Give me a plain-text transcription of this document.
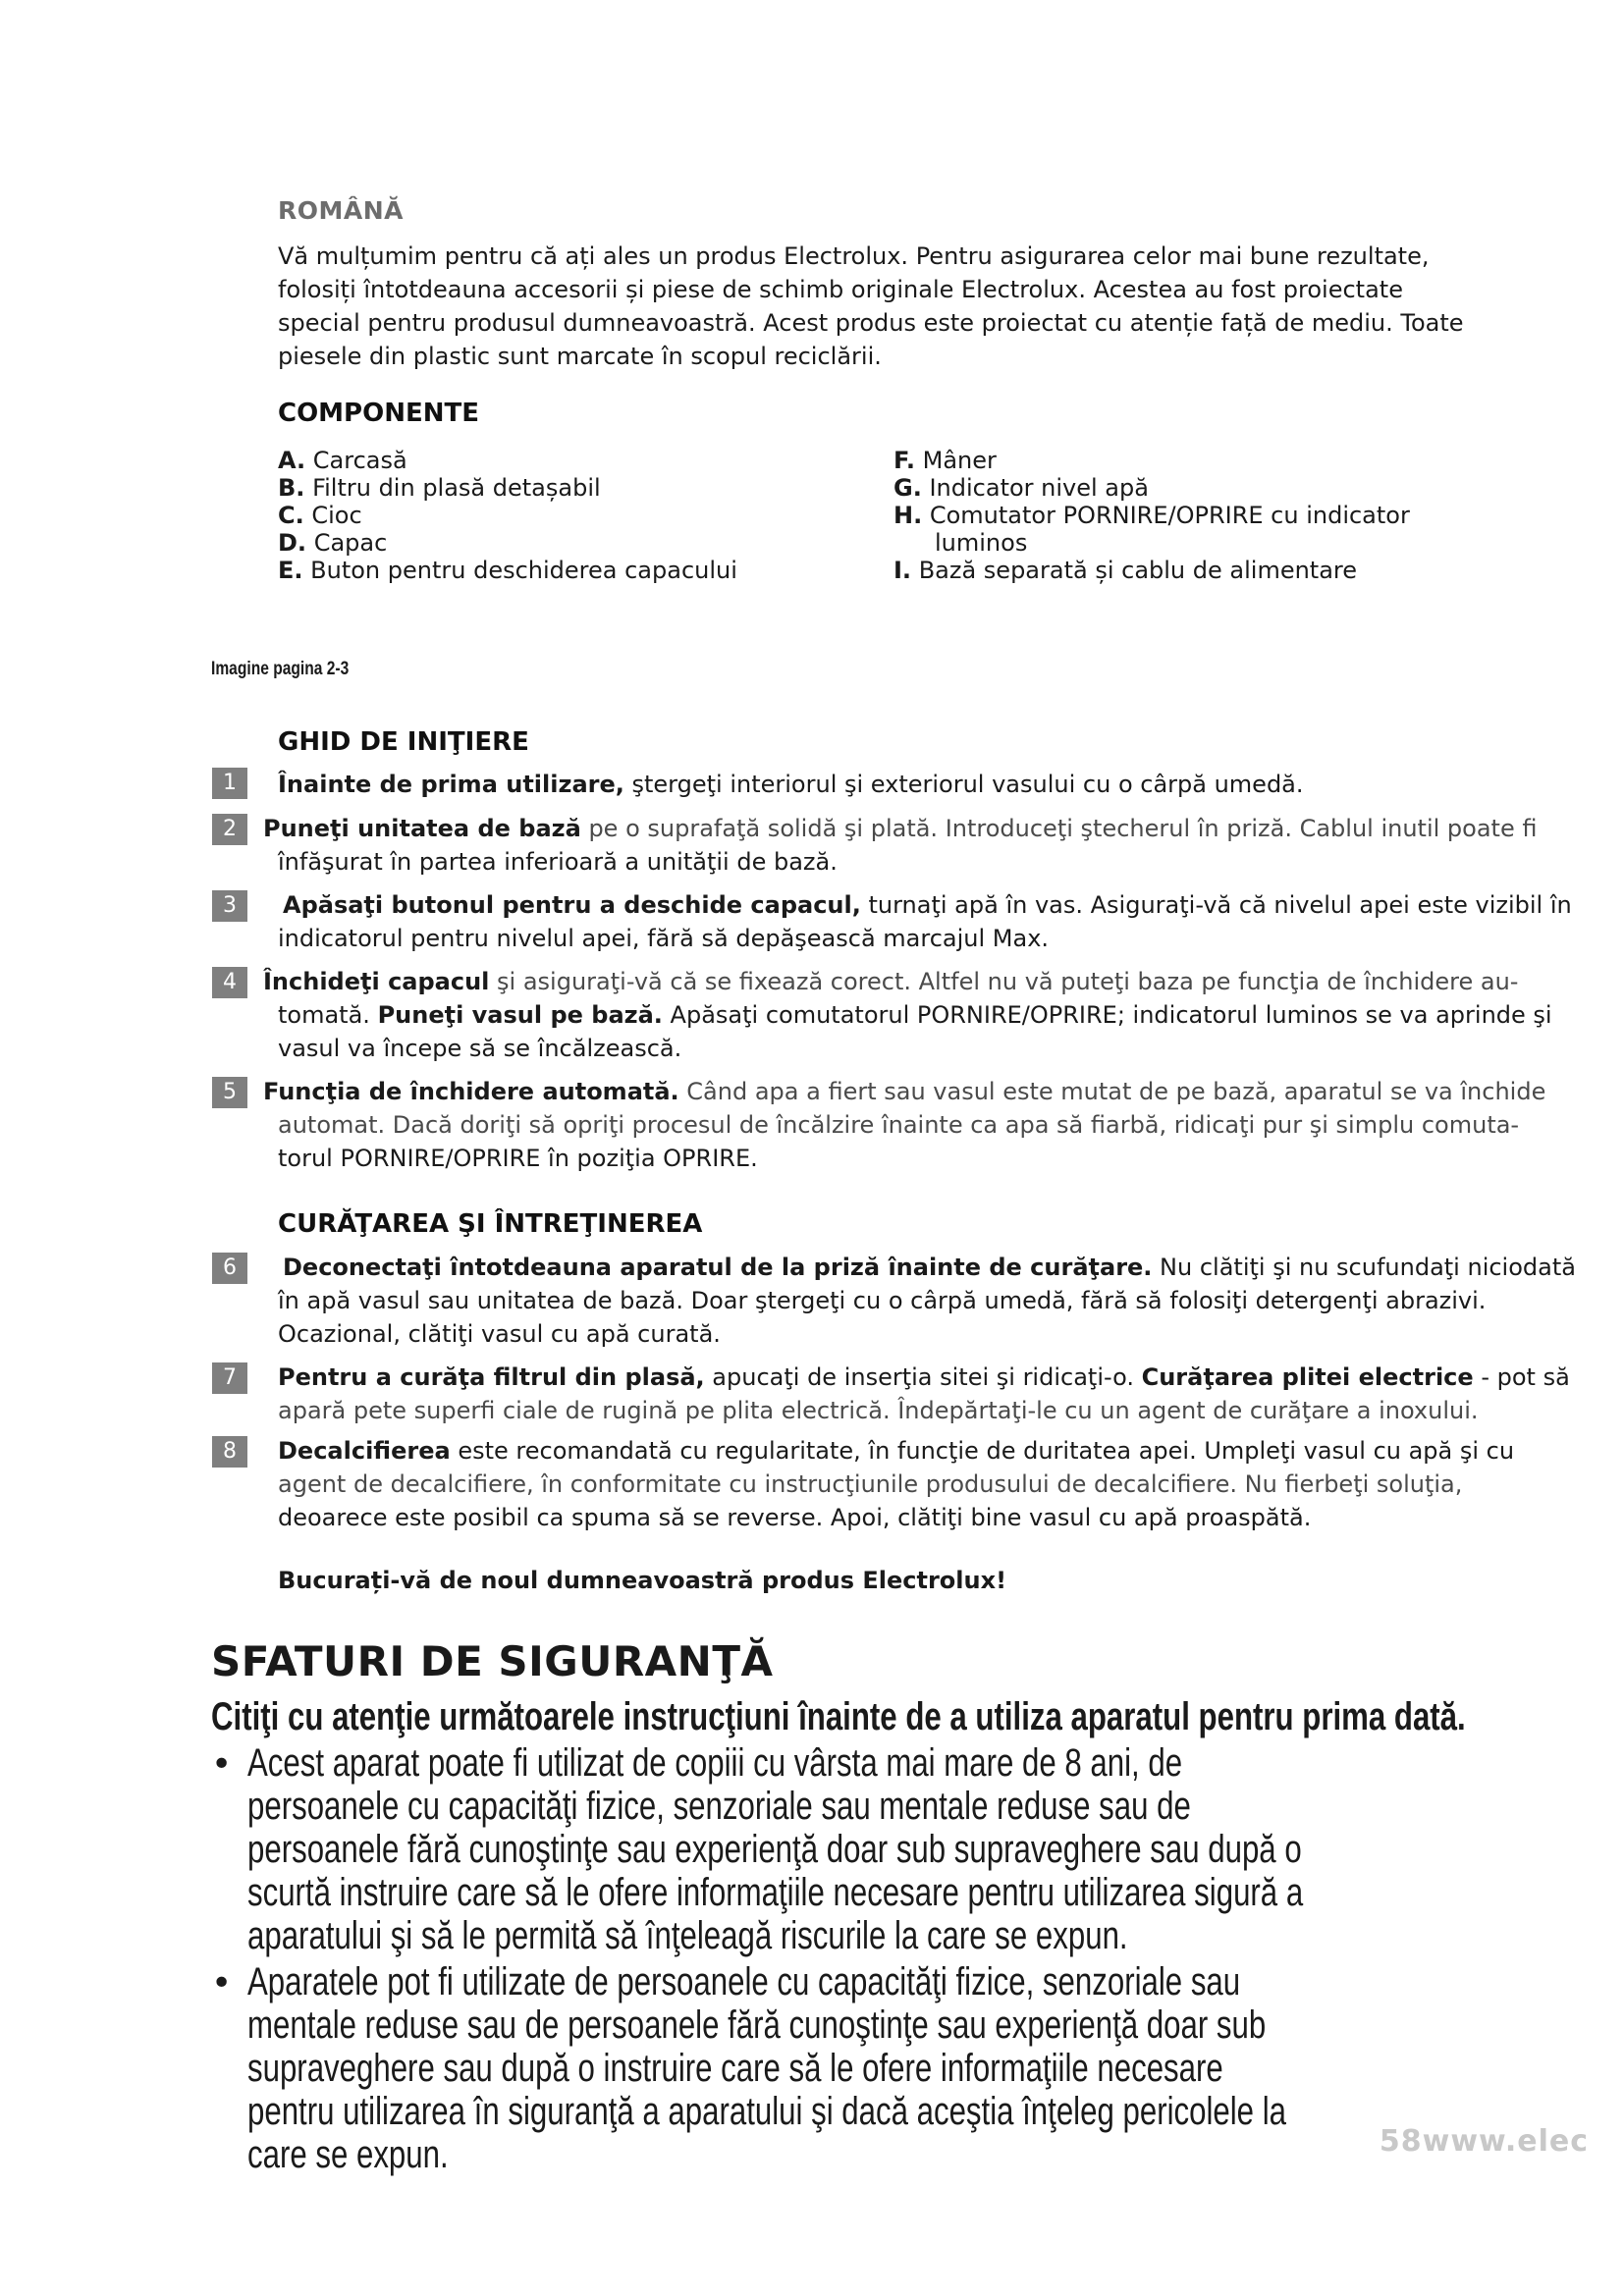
ROMÂNĂ
Vă mulțumim pentru că ați ales un produs Electrolux. Pentru asigurarea celor mai bune rezultate, folosiți întotdeauna accesorii și piese de schimb originale Electrolux. Acestea au fost proiectate special pentru produsul dumneavoastră. Acest produs este proiectat cu atenție față de mediu. Toate piesele din plastic sunt marcate în scopul reciclării.
COMPONENTE
A. Carcasă
B. Filtru din plasă detașabil
C. Cioc
D. Capac
E. Buton pentru deschiderea capacului
F. Mâner
G. Indicator nivel apă
H. Comutator PORNIRE/OPRIRE cu indicator
luminos
I. Bază separată și cablu de alimentare
Imagine pagina 2-3
GHID DE INIŢIERE
1	Înainte de prima utilizare, ştergeţi interiorul şi exteriorul vasului cu o cârpă umedă.
2	Puneţi unitatea de bază pe o suprafaţă solidă şi plată. Introduceţi ştecherul în priză. Cablul inutil poate fi
înfăşurat în partea inferioară a unităţii de bază.
3	Apăsaţi butonul pentru a deschide capacul, turnaţi apă în vas. Asiguraţi-vă că nivelul apei este vizibil în
indicatorul pentru nivelul apei, fără să depăşească marcajul Max.
4	Închideţi capacul şi asiguraţi-vă că se fixează corect. Altfel nu vă puteţi baza pe funcţia de închidere au-
tomată. Puneţi vasul pe bază. Apăsaţi comutatorul PORNIRE/OPRIRE; indicatorul luminos se va aprinde şi
vasul va începe să se încălzească.
5	Funcţia de închidere automată. Când apa a fiert sau vasul este mutat de pe bază, aparatul se va închide
automat. Dacă doriţi să opriţi procesul de încălzire înainte ca apa să fiarbă, ridicaţi pur şi simplu comuta-
torul PORNIRE/OPRIRE în poziţia OPRIRE.
CURĂŢAREA ŞI ÎNTREŢINEREA
6	Deconectaţi întotdeauna aparatul de la priză înainte de curăţare. Nu clătiţi şi nu scufundaţi niciodată
în apă vasul sau unitatea de bază. Doar ştergeţi cu o cârpă umedă, fără să folosiţi detergenţi abrazivi.
Ocazional, clătiţi vasul cu apă curată.
7	Pentru a curăţa filtrul din plasă, apucaţi de inserţia sitei şi ridicaţi-o. Curăţarea plitei electrice - pot să
apară pete superfi ciale de rugină pe plita electrică. Îndepărtaţi-le cu un agent de curăţare a inoxului.
8	Decalcifierea este recomandată cu regularitate, în funcţie de duritatea apei. Umpleţi vasul cu apă şi cu
agent de decalcifiere, în conformitate cu instrucţiunile produsului de decalcifiere. Nu fierbeţi soluţia,
deoarece este posibil ca spuma să se reverse. Apoi, clătiţi bine vasul cu apă proaspătă.
Bucurați-vă de noul dumneavoastră produs Electrolux!
SFATURI DE SIGURANŢĂ
Citiţi cu atenţie următoarele instrucţiuni înainte de a utiliza aparatul pentru prima dată.
• Acest aparat poate fi utilizat de copiii cu vârsta mai mare de 8 ani, de persoanele cu capacităţi fizice, senzoriale sau mentale reduse sau de persoanele fără cunoştinţe sau experienţă doar sub supraveghere sau după o scurtă instruire care să le ofere informaţiile necesare pentru utilizarea sigură a aparatului şi să le permită să înţeleagă riscurile la care se expun.
• Aparatele pot fi utilizate de persoanele cu capacităţi fizice, senzoriale sau mentale reduse sau de persoanele fără cunoştinţe sau experienţă doar sub supraveghere sau după o instruire care să le ofere informaţiile necesare pentru utilizarea în siguranţă a aparatului şi dacă aceştia înţeleg pericolele la care se expun.	58www.elec
